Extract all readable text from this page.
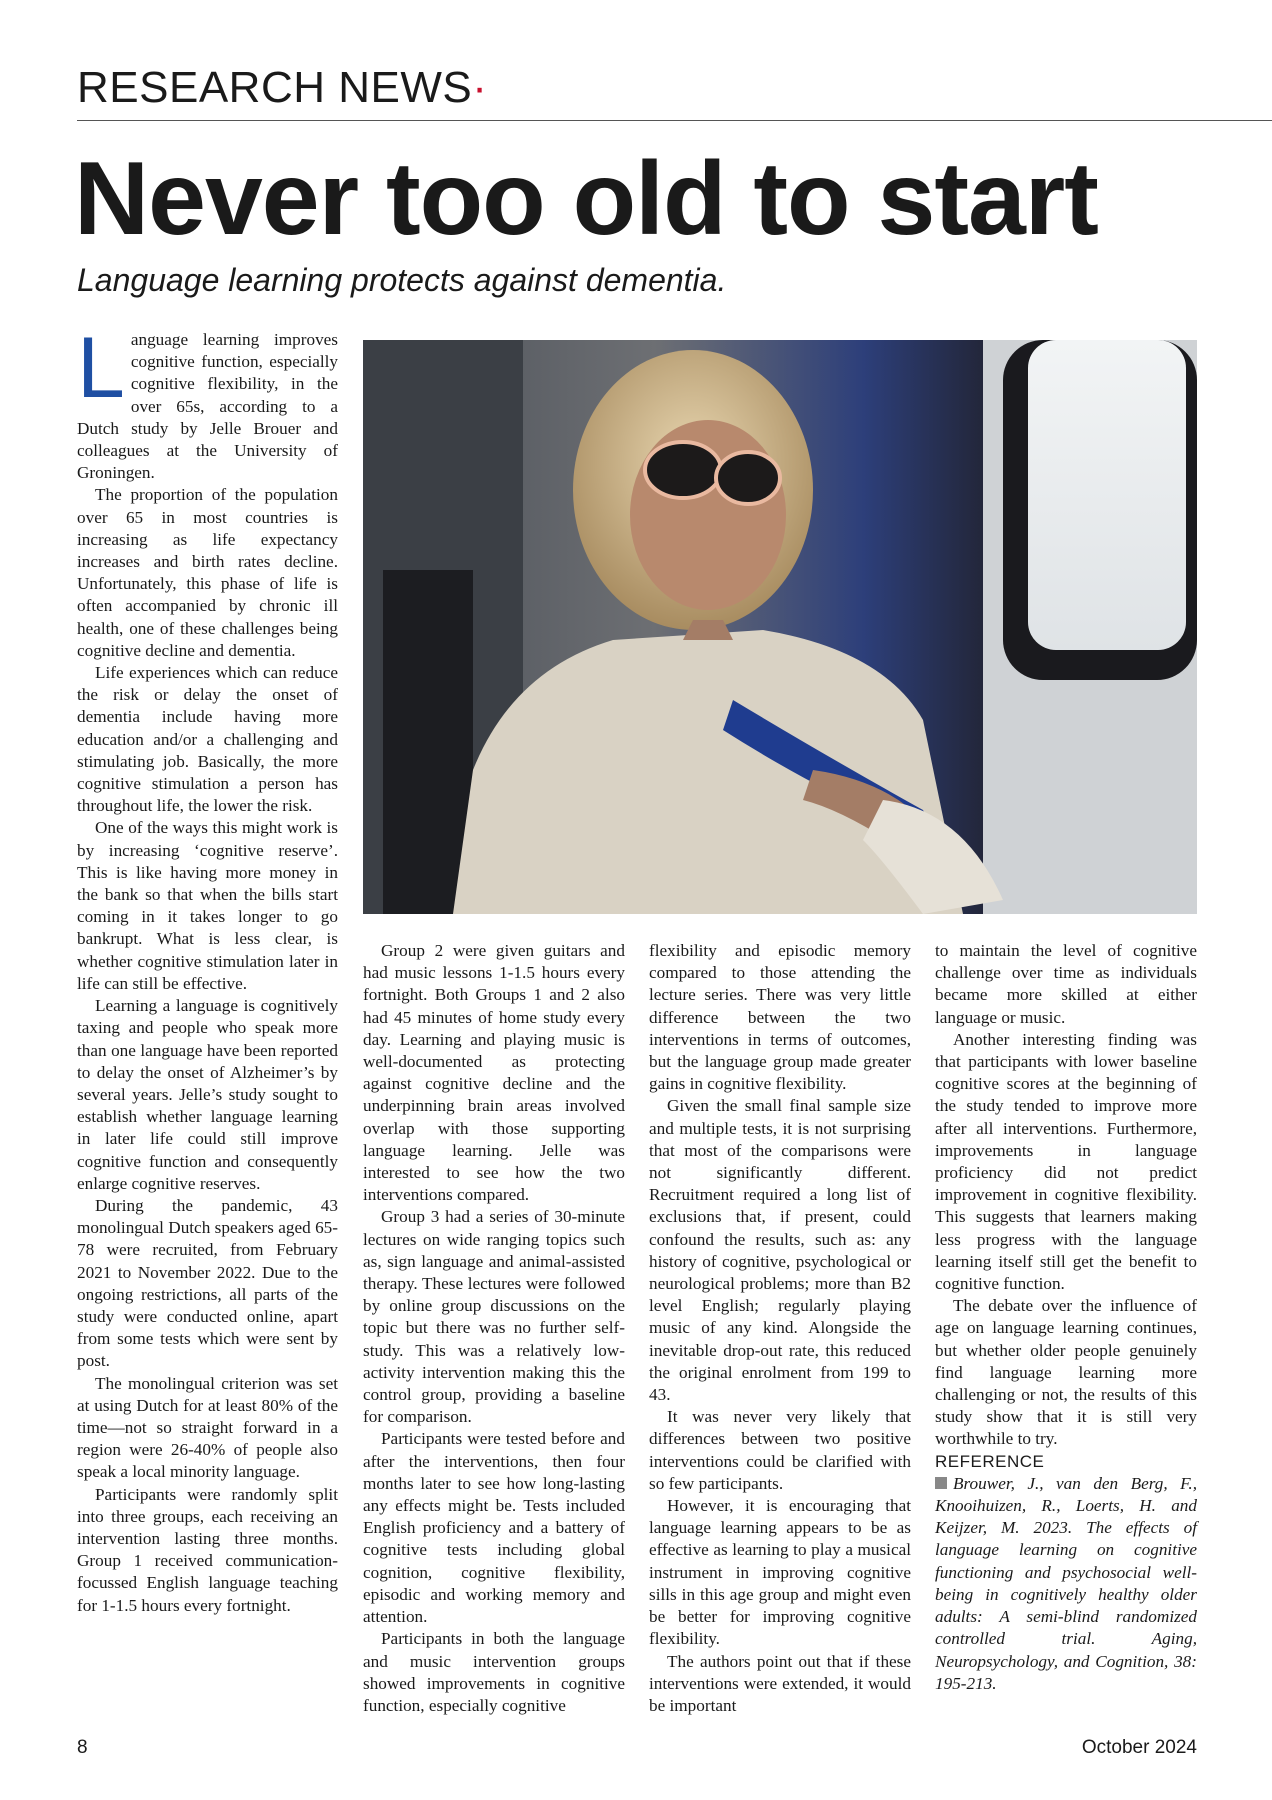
RESEARCH NEWS·
Never too old to start
Language learning protects against dementia.

Language learning improves cognitive function, especially cognitive flexibility, in the over 65s, according to a Dutch study by Jelle Brouer and colleagues at the University of Groningen.

The proportion of the population over 65 in most countries is increasing as life expectancy increases and birth rates decline. Unfortunately, this phase of life is often accompanied by chronic ill health, one of these challenges being cognitive decline and dementia.

Life experiences which can reduce the risk or delay the onset of dementia include having more education and/or a challenging and stimulating job. Basically, the more cognitive stimulation a person has throughout life, the lower the risk.

One of the ways this might work is by increasing ‘cognitive reserve’. This is like having more money in the bank so that when the bills start coming in it takes longer to go bankrupt. What is less clear, is whether cognitive stimulation later in life can still be effective.

Learning a language is cognitively taxing and people who speak more than one language have been reported to delay the onset of Alzheimer’s by several years. Jelle’s study sought to establish whether language learning in later life could still improve cognitive function and consequently enlarge cognitive reserves.

During the pandemic, 43 monolingual Dutch speakers aged 65-78 were recruited, from February 2021 to November 2022. Due to the ongoing restrictions, all parts of the study were conducted online, apart from some tests which were sent by post.

The monolingual criterion was set at using Dutch for at least 80% of the time—not so straight forward in a region were 26-40% of people also speak a local minority language.

Participants were randomly split into three groups, each receiving an intervention lasting three months. Group 1 received communication-focussed English language teaching for 1-1.5 hours every fortnight.

Group 2 were given guitars and had music lessons 1-1.5 hours every fortnight. Both Groups 1 and 2 also had 45 minutes of home study every day. Learning and playing music is well-documented as protecting against cognitive decline and the underpinning brain areas involved overlap with those supporting language learning. Jelle was interested to see how the two interventions compared.

Group 3 had a series of 30-minute lectures on wide ranging topics such as, sign language and animal-assisted therapy. These lectures were followed by online group discussions on the topic but there was no further self-study. This was a relatively low-activity intervention making this the control group, providing a baseline for comparison.

Participants were tested before and after the interventions, then four months later to see how long-lasting any effects might be. Tests included English proficiency and a battery of cognitive tests including global cognition, cognitive flexibility, episodic and working memory and attention.

Participants in both the language and music intervention groups showed improvements in cognitive function, especially cognitive

flexibility and episodic memory compared to those attending the lecture series. There was very little difference between the two interventions in terms of outcomes, but the language group made greater gains in cognitive flexibility.

Given the small final sample size and multiple tests, it is not surprising that most of the comparisons were not significantly different. Recruitment required a long list of exclusions that, if present, could confound the results, such as: any history of cognitive, psychological or neurological problems; more than B2 level English; regularly playing music of any kind. Alongside the inevitable drop-out rate, this reduced the original enrolment from 199 to 43.

It was never very likely that differences between two positive interventions could be clarified with so few participants.

However, it is encouraging that language learning appears to be as effective as learning to play a musical instrument in improving cognitive sills in this age group and might even be better for improving cognitive flexibility.

The authors point out that if these interventions were extended, it would be important

to maintain the level of cognitive challenge over time as individuals became more skilled at either language or music.

Another interesting finding was that participants with lower baseline cognitive scores at the beginning of the study tended to improve more after all interventions. Furthermore, improvements in language proficiency did not predict improvement in cognitive flexibility. This suggests that learners making less progress with the language learning itself still get the benefit to cognitive function.

The debate over the influence of age on language learning continues, but whether older people genuinely find language learning more challenging or not, the results of this study show that it is still very worthwhile to try.

REFERENCE

Brouwer, J., van den Berg, F., Knooihuizen, R., Loerts, H. and Keijzer, M. 2023. The effects of language learning on cognitive functioning and psychosocial well-being in cognitively healthy older adults: A semi-blind randomized controlled trial. Aging, Neuropsychology, and Cognition, 38: 195-213.

8	October 2024
